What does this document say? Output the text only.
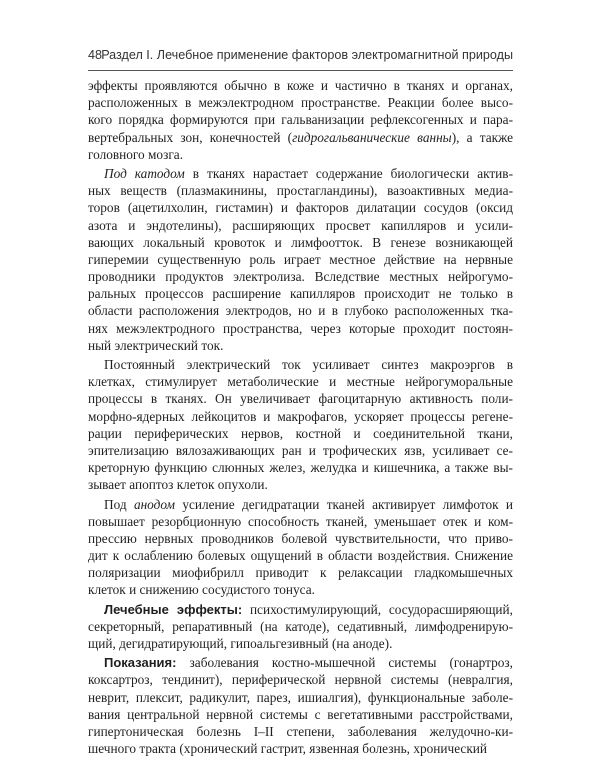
48 Раздел I. Лечебное применение факторов электромагнитной природы
эффекты проявляются обычно в коже и частично в тканях и органах,
расположенных в межэлектродном пространстве. Реакции более высо-
кого порядка формируются при гальванизации рефлексогенных и пара-
вертебральных зон, конечностей (гидрогальванические ванны), а также
головного мозга.
Под катодом в тканях нарастает содержание биологически актив-
ных веществ (плазмакинины, простагландины), вазоактивных медиа-
торов (ацетилхолин, гистамин) и факторов дилатации сосудов (оксид
азота и эндотелины), расширяющих просвет капилляров и усили-
вающих локальный кровоток и лимфоотток. В генезе возникающей
гиперемии существенную роль играет местное действие на нервные
проводники продуктов электролиза. Вследствие местных нейрогумо-
ральных процессов расширение капилляров происходит не только в
области расположения электродов, но и в глубоко расположенных тка-
нях межэлектродного пространства, через которые проходит постоян-
ный электрический ток.
Постоянный электрический ток усиливает синтез макроэргов в
клетках, стимулирует метаболические и местные нейрогуморальные
процессы в тканях. Он увеличивает фагоцитарную активность поли-
морфно-ядерных лейкоцитов и макрофагов, ускоряет процессы регене-
рации периферических нервов, костной и соединительной ткани,
эпителизацию вялозаживающих ран и трофических язв, усиливает се-
креторную функцию слюнных желез, желудка и кишечника, а также вы-
зывает апоптоз клеток опухоли.
Под анодом усиление дегидратации тканей активирует лимфоток и
повышает резорбционную способность тканей, уменьшает отек и ком-
прессию нервных проводников болевой чувствительности, что приво-
дит к ослаблению болевых ощущений в области воздействия. Снижение
поляризации миофибрилл приводит к релаксации гладкомышечных
клеток и снижению сосудистого тонуса.
Лечебные эффекты: психостимулирующий, сосудорасширяющий,
секреторный, репаративный (на катоде), седативный, лимфодренирую-
щий, дегидратирующий, гипоальгезивный (на аноде).
Показания: заболевания костно-мышечной системы (гонартроз,
коксартроз, тендинит), периферической нервной системы (невралгия,
неврит, плексит, радикулит, парез, ишиалгия), функциональные заболе-
вания центральной нервной системы с вегетативными расстройствами,
гипертоническая болезнь I–II степени, заболевания желудочно-ки-
шечного тракта (хронический гастрит, язвенная болезнь, хронический
